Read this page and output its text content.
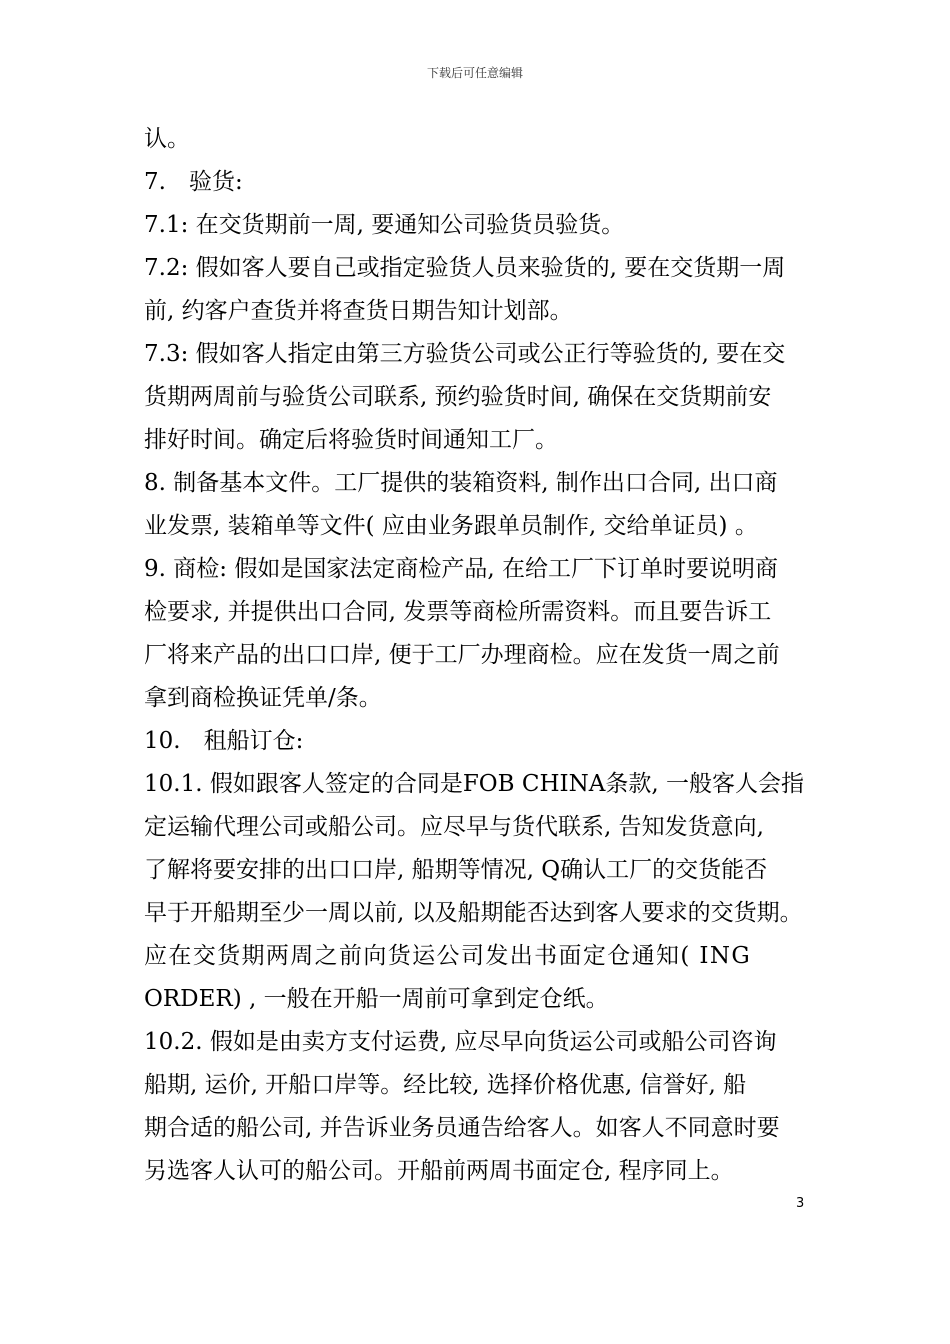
下载后可任意编辑
认。
7.　验货:
7.1: 在交货期前一周, 要通知公司验货员验货。
7.2: 假如客人要自己或指定验货人员来验货的, 要在交货期一周
前, 约客户查货并将查货日期告知计划部。
7.3: 假如客人指定由第三方验货公司或公正行等验货的, 要在交
货期两周前与验货公司联系, 预约验货时间, 确保在交货期前安
排好时间。确定后将验货时间通知工厂。
8. 制备基本文件。工厂提供的装箱资料, 制作出口合同, 出口商
业发票, 装箱单等文件( 应由业务跟单员制作, 交给单证员) 。
9. 商检: 假如是国家法定商检产品, 在给工厂下订单时要说明商
检要求, 并提供出口合同, 发票等商检所需资料。而且要告诉工
厂将来产品的出口口岸, 便于工厂办理商检。应在发货一周之前
拿到商检换证凭单/条。
10.　租船订仓:
10.1. 假如跟客人签定的合同是FOB CHINA条款, 一般客人会指
定运输代理公司或船公司。应尽早与货代联系, 告知发货意向,
了解将要安排的出口口岸, 船期等情况, Q确认工厂的交货能否
早于开船期至少一周以前, 以及船期能否达到客人要求的交货期。
应在交货期两周之前向货运公司发出书面定仓通知( ING
ORDER) , 一般在开船一周前可拿到定仓纸。
10.2. 假如是由卖方支付运费, 应尽早向货运公司或船公司咨询
船期, 运价, 开船口岸等。经比较, 选择价格优惠, 信誉好, 船
期合适的船公司, 并告诉业务员通告给客人。如客人不同意时要
另选客人认可的船公司。开船前两周书面定仓, 程序同上。
3
